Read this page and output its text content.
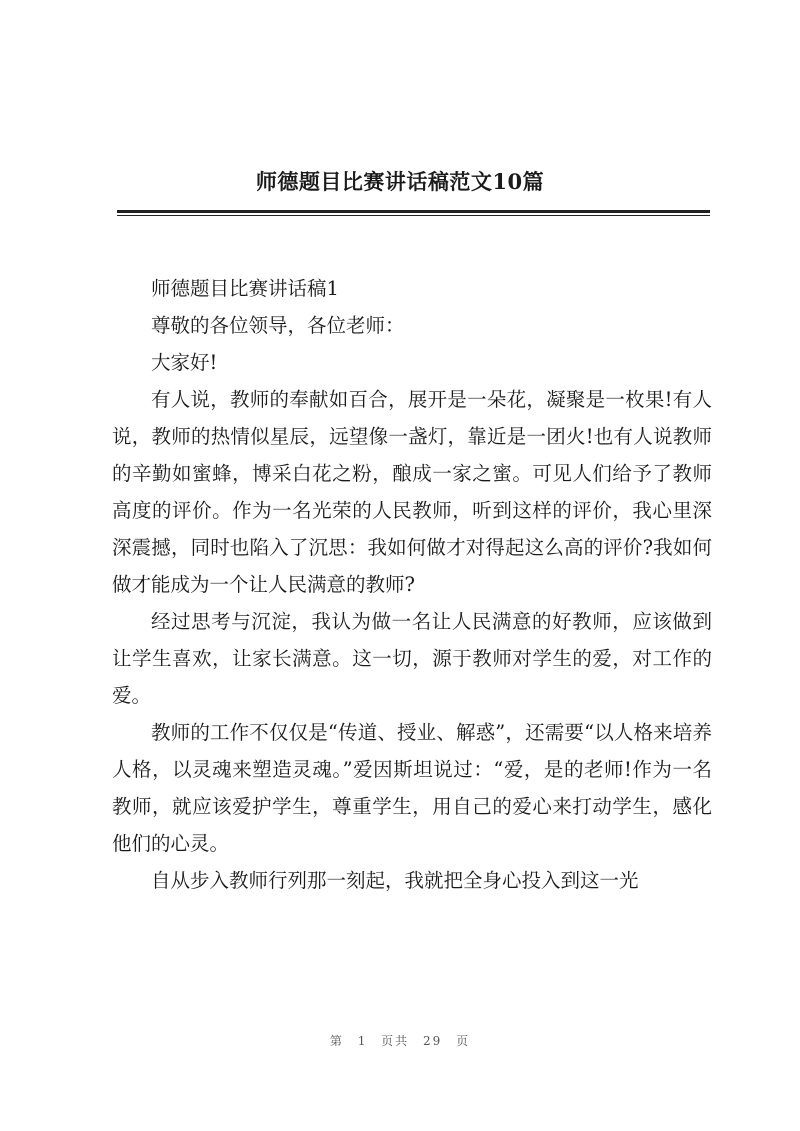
师德题目比赛讲话稿范文10篇

师德题目比赛讲话稿1

尊敬的各位领导，各位老师：

大家好!

有人说，教师的奉献如百合，展开是一朵花，凝聚是一枚果!有人说，教师的热情似星辰，远望像一盏灯，靠近是一团火!也有人说教师的辛勤如蜜蜂，博采白花之粉，酿成一家之蜜。可见人们给予了教师高度的评价。作为一名光荣的人民教师，听到这样的评价，我心里深深震撼，同时也陷入了沉思：我如何做才对得起这么高的评价?我如何做才能成为一个让人民满意的教师?

经过思考与沉淀，我认为做一名让人民满意的好教师，应该做到让学生喜欢，让家长满意。这一切，源于教师对学生的爱，对工作的爱。

教师的工作不仅仅是“传道、授业、解惑”，还需要“以人格来培养人格，以灵魂来塑造灵魂。”爱因斯坦说过：“爱，是的老师!作为一名教师，就应该爱护学生，尊重学生，用自己的爱心来打动学生，感化他们的心灵。

自从步入教师行列那一刻起，我就把全身心投入到这一光

第 1 页共 29 页
